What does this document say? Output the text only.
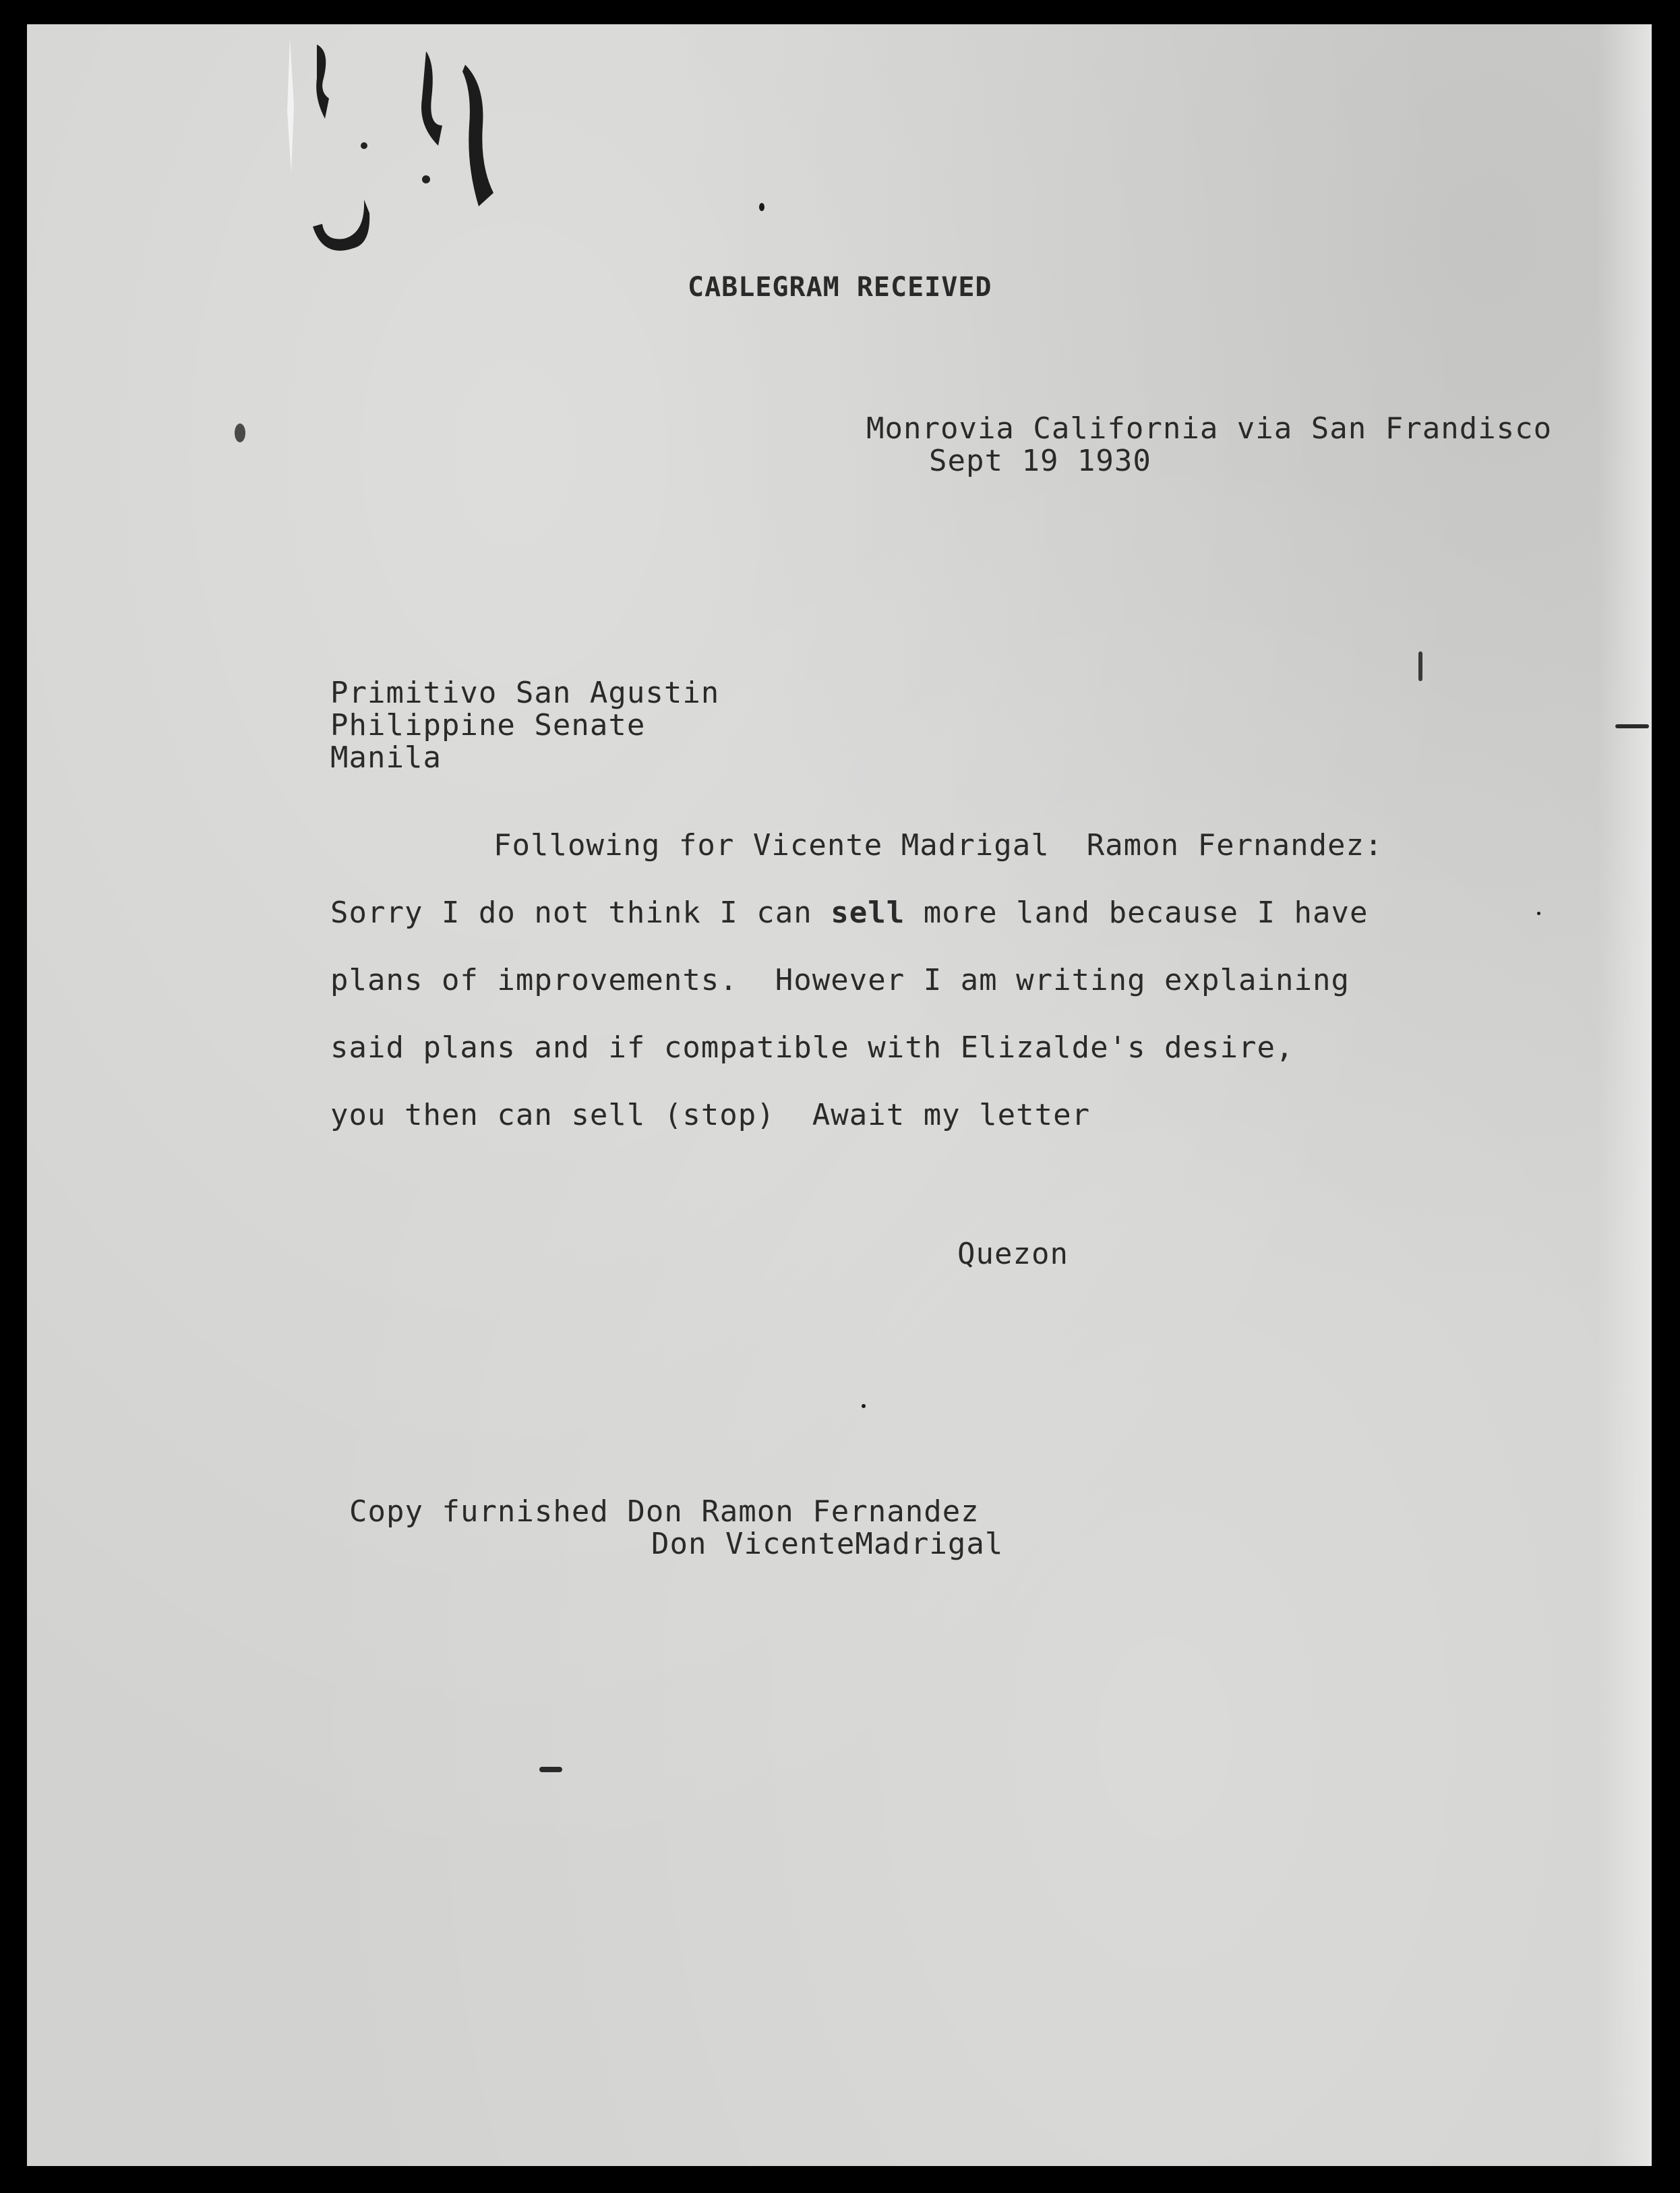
CABLEGRAM RECEIVED
Monrovia California via San Frandisco
Sept 19 1930
Primitivo San Agustin
Philippine Senate
Manila
Following for Vicente Madrigal  Ramon Fernandez:
Sorry I do not think I can sell more land because I have
plans of improvements.  However I am writing explaining
said plans and if compatible with Elizalde's desire,
you then can sell (stop)  Await my letter
Quezon
Copy furnished Don Ramon Fernandez
Don VicenteMadrigal
